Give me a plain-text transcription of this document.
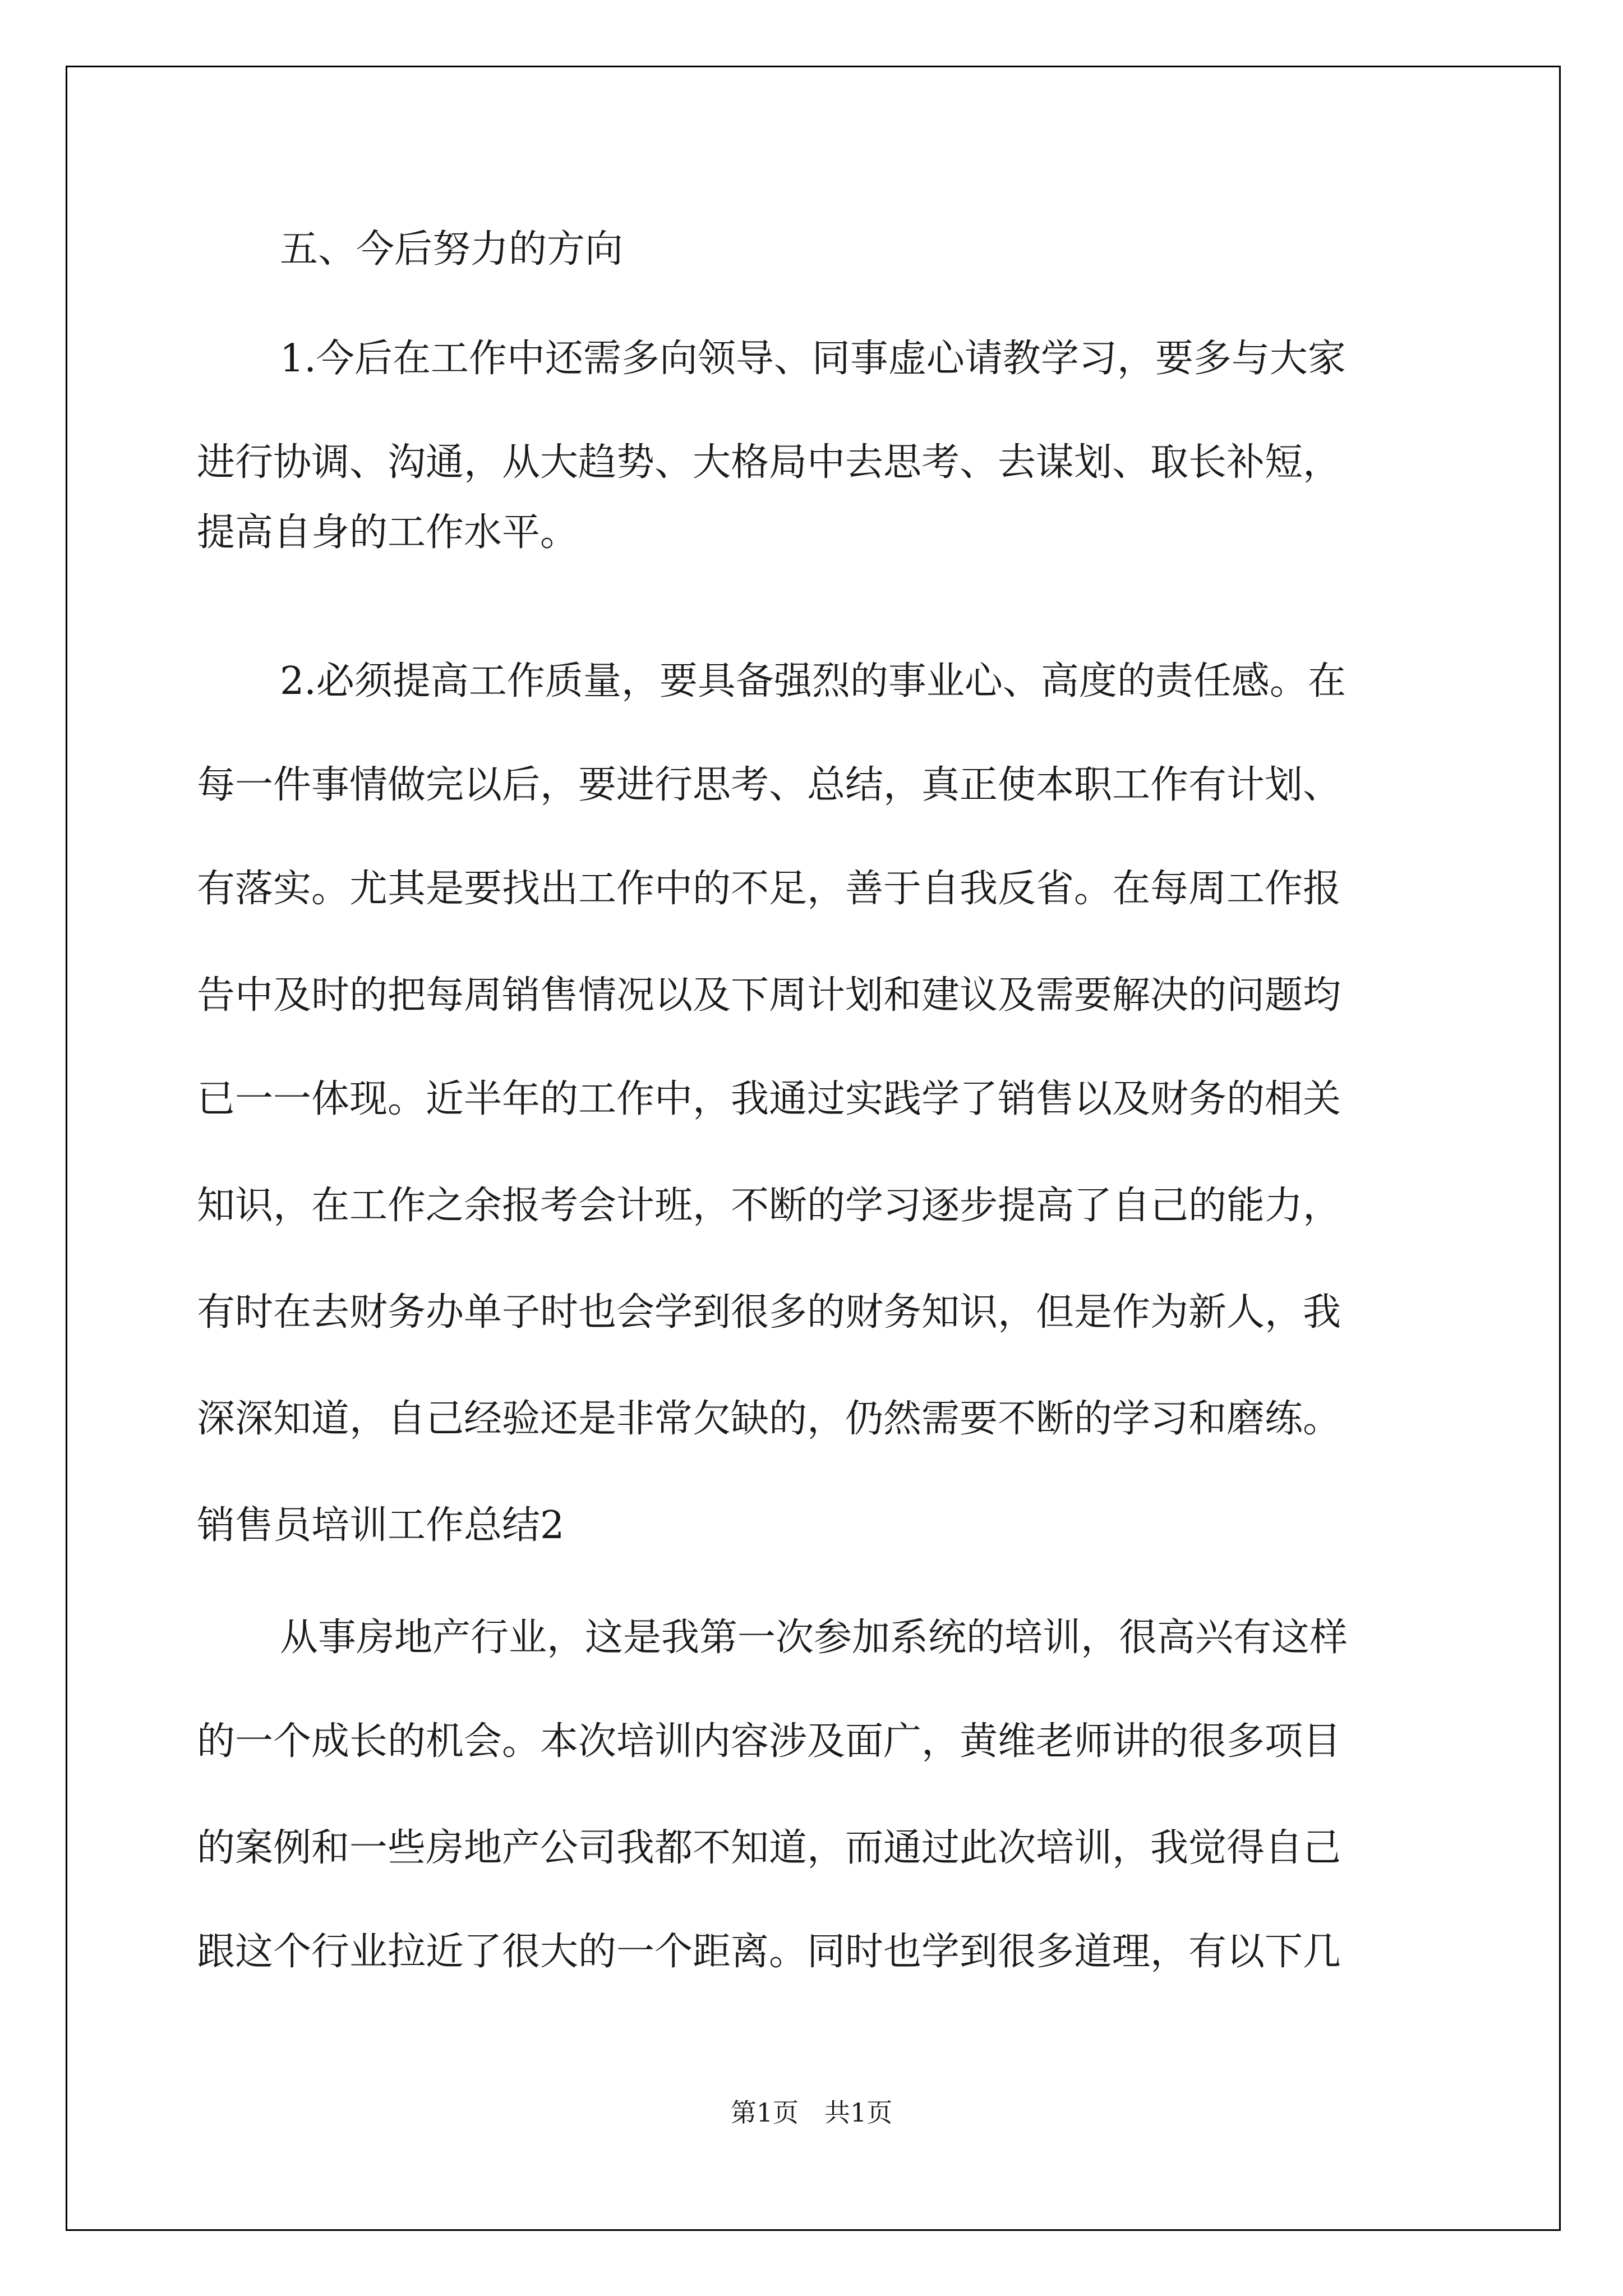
五、今后努力的方向

1.今后在工作中还需多向领导、同事虚心请教学习，要多与大家

进行协调、沟通，从大趋势、大格局中去思考、去谋划、取长补短，

提高自身的工作水平。

2.必须提高工作质量，要具备强烈的事业心、高度的责任感。在

每一件事情做完以后，要进行思考、总结，真正使本职工作有计划、

有落实。尤其是要找出工作中的不足，善于自我反省。在每周工作报

告中及时的把每周销售情况以及下周计划和建议及需要解决的问题均

已一一体现。近半年的工作中，我通过实践学了销售以及财务的相关

知识，在工作之余报考会计班，不断的学习逐步提高了自己的能力，

有时在去财务办单子时也会学到很多的财务知识，但是作为新人，我

深深知道，自己经验还是非常欠缺的，仍然需要不断的学习和磨练。

销售员培训工作总结2

从事房地产行业，这是我第一次参加系统的培训，很高兴有这样

的一个成长的机会。本次培训内容涉及面广，黄维老师讲的很多项目

的案例和一些房地产公司我都不知道，而通过此次培训，我觉得自己

跟这个行业拉近了很大的一个距离。同时也学到很多道理，有以下几

第1页　共1页
